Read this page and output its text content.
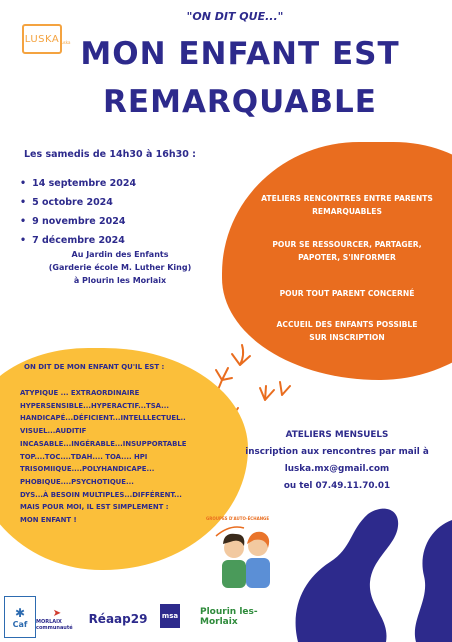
LUSKA luska
"ON DIT QUE..."
MON ENFANT EST
REMARQUABLE
Les samedis de 14h30 à 16h30 :
• 14 septembre 2024
• 5 octobre 2024
• 9 novembre 2024
• 7 décembre 2024
Au Jardin des Enfants
(Garderie école M. Luther King)
à Plourin les Morlaix
ATELIERS RENCONTRES ENTRE PARENTS
REMARQUABLES
POUR SE RESSOURCER, PARTAGER,
PAPOTER, S'INFORMER
POUR TOUT PARENT CONCERNÉ
ACCUEIL DES ENFANTS POSSIBLE
SUR INSCRIPTION
ON DIT DE MON ENFANT QU'IL EST :
ATYPIQUE ... EXTRAORDINAIRE
HYPERSENSIBLE...HYPERACTIF...TSA...
HANDICAPÉ...DÉFICIENT...INTELLLECTUEL..
VISUEL...AUDITIF
INCASABLE...INGÉRABLE...INSUPPORTABLE
TOP....TOC....TDAH.... TOA.... HPI
TRISOMIIQUE....POLYHANDICAPE...
PHOBIQUE....PSYCHOTIQUE...
DYS...À BESOIN MULTIPLES...DIFFÉRENT...
MAIS POUR MOI, IL EST SIMPLEMENT :
MON ENFANT !
ATELIERS MENSUELS
inscription aux rencontres par mail à
luska.mx@gmail.com
ou tel 07.49.11.70.01
GROUPES D'AUTO-ÉCHANGE
✱
Caf
➤
MORLAIX communauté
Réaap29 msa Plourin les-Morlaix
